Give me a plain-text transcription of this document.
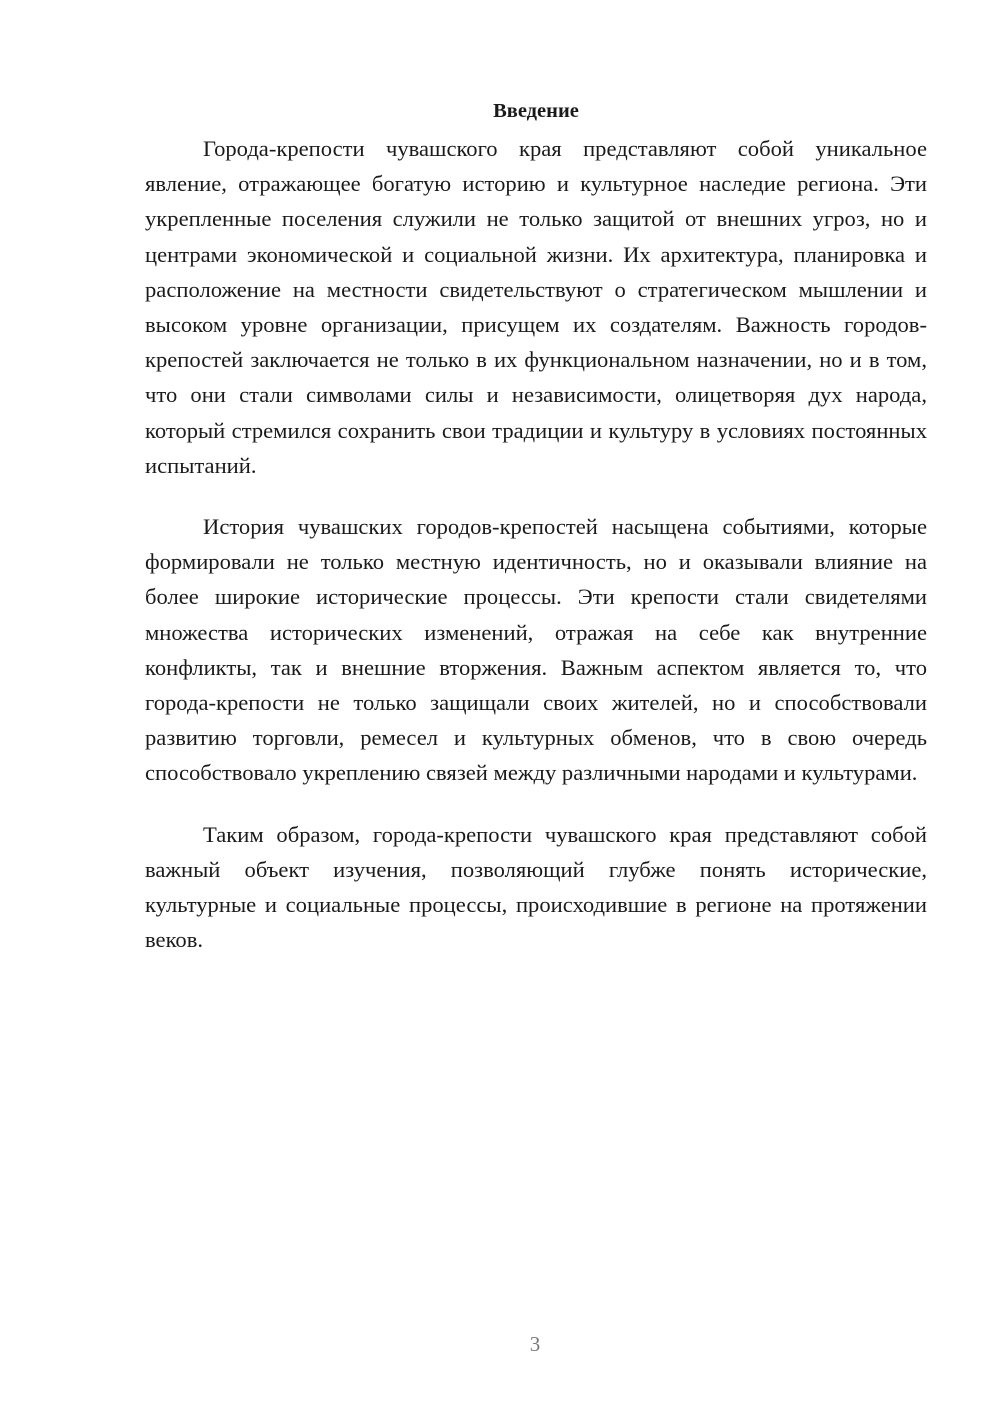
Введение

Города-крепости чувашского края представляют собой уникальное явление, отражающее богатую историю и культурное наследие региона. Эти укрепленные поселения служили не только защитой от внешних угроз, но и центрами экономической и социальной жизни. Их архитектура, планировка и расположение на местности свидетельствуют о стратегическом мышлении и высоком уровне организации, присущем их создателям. Важность городов-крепостей заключается не только в их функциональном назначении, но и в том, что они стали символами силы и независимости, олицетворяя дух народа, который стремился сохранить свои традиции и культуру в условиях постоянных испытаний.

История чувашских городов-крепостей насыщена событиями, которые формировали не только местную идентичность, но и оказывали влияние на более широкие исторические процессы. Эти крепости стали свидетелями множества исторических изменений, отражая на себе как внутренние конфликты, так и внешние вторжения. Важным аспектом является то, что города-крепости не только защищали своих жителей, но и способствовали развитию торговли, ремесел и культурных обменов, что в свою очередь способствовало укреплению связей между различными народами и культурами.

Таким образом, города-крепости чувашского края представляют собой важный объект изучения, позволяющий глубже понять исторические, культурные и социальные процессы, происходившие в регионе на протяжении веков.

3
